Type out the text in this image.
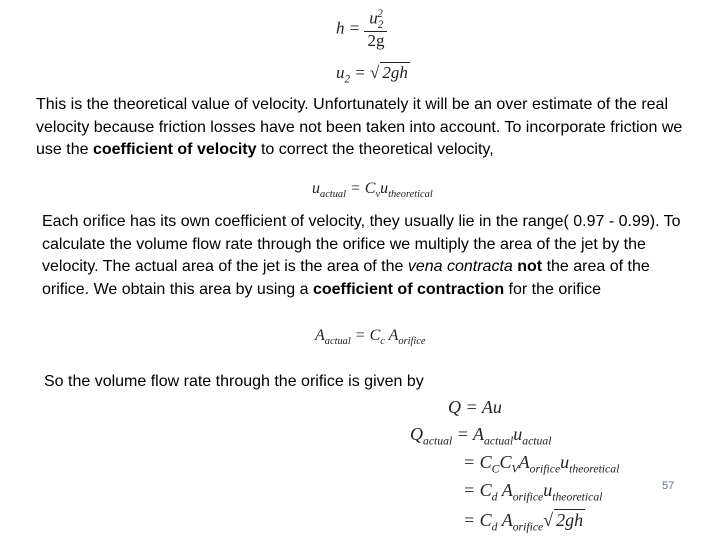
$h = \frac{u_2^2}{2g}$
$u_2$ = √ 2gh
This is the theoretical value of velocity. Unfortunately it will be an over estimate of the real velocity because friction losses have not been taken into account. To incorporate friction we use the coefficient of velocity to correct the theoretical velocity,
$u_{actual} = C_vu_{theoretical}$
Each orifice has its own coefficient of velocity, they usually lie in the range( 0.97 - 0.99). To calculate the volume flow rate through the orifice we multiply the area of the jet by the velocity. The actual area of the jet is the area of the vena contracta not the area of the orifice. We obtain this area by using a coefficient of contraction for the orifice
$A_{actual} = C_c$ $A_{orifice}$
So the volume flow rate through the orifice is given by
Q = Au
$Q_{actual} = A_{actual}u_{actual}$
= $C_CC_VA_{orifice}u_{theoretical}$
= $C_d$ $A_{orifice}u_{theoretical}$
= $C_d$ $A_{orifice}√$ 2gh
57
